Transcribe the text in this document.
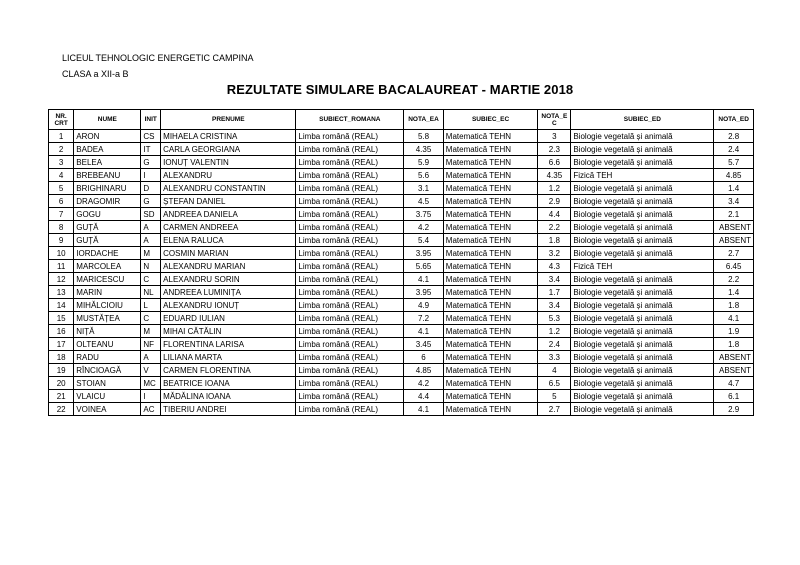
LICEUL TEHNOLOGIC ENERGETIC CAMPINA
CLASA a XII-a B
REZULTATE SIMULARE BACALAUREAT - MARTIE 2018
NR. CRT	NUME	INIT	PRENUME	SUBIECT_ROMANA	NOTA_EA	SUBIEC_EC	NOTA_E C	SUBIEC_ED	NOTA_ED
1	ARON	CS	MIHAELA CRISTINA	Limba română (REAL)	5.8	Matematică TEHN	3	Biologie vegetală și animală	2.8
2	BADEA	IT	CARLA GEORGIANA	Limba română (REAL)	4.35	Matematică TEHN	2.3	Biologie vegetală și animală	2.4
3	BELEA	G	IONUȚ VALENTIN	Limba română (REAL)	5.9	Matematică TEHN	6.6	Biologie vegetală și animală	5.7
4	BREBEANU	I	ALEXANDRU	Limba română (REAL)	5.6	Matematică TEHN	4.35	Fizică TEH	4.85
5	BRIGHINARU	D	ALEXANDRU CONSTANTIN	Limba română (REAL)	3.1	Matematică TEHN	1.2	Biologie vegetală și animală	1.4
6	DRAGOMIR	G	ȘTEFAN DANIEL	Limba română (REAL)	4.5	Matematică TEHN	2.9	Biologie vegetală și animală	3.4
7	GOGU	SD	ANDREEA DANIELA	Limba română (REAL)	3.75	Matematică TEHN	4.4	Biologie vegetală și animală	2.1
8	GUȚĂ	A	CARMEN ANDREEA	Limba română (REAL)	4.2	Matematică TEHN	2.2	Biologie vegetală și animală	ABSENT
9	GUȚĂ	A	ELENA RALUCA	Limba română (REAL)	5.4	Matematică TEHN	1.8	Biologie vegetală și animală	ABSENT
10	IORDACHE	M	COSMIN MARIAN	Limba română (REAL)	3.95	Matematică TEHN	3.2	Biologie vegetală și animală	2.7
11	MARCOLEA	N	ALEXANDRU MARIAN	Limba română (REAL)	5.65	Matematică TEHN	4.3	Fizică TEH	6.45
12	MARICESCU	C	ALEXANDRU SORIN	Limba română (REAL)	4.1	Matematică TEHN	3.4	Biologie vegetală și animală	2.2
13	MARIN	NL	ANDREEA LUMINIȚA	Limba română (REAL)	3.95	Matematică TEHN	1.7	Biologie vegetală și animală	1.4
14	MIHĂLCIOIU	L	ALEXANDRU IONUȚ	Limba română (REAL)	4.9	Matematică TEHN	3.4	Biologie vegetală și animală	1.8
15	MUSTĂȚEA	C	EDUARD IULIAN	Limba română (REAL)	7.2	Matematică TEHN	5.3	Biologie vegetală și animală	4.1
16	NIȚĂ	M	MIHAI CĂTĂLIN	Limba română (REAL)	4.1	Matematică TEHN	1.2	Biologie vegetală și animală	1.9
17	OLTEANU	NF	FLORENTINA LARISA	Limba română (REAL)	3.45	Matematică TEHN	2.4	Biologie vegetală și animală	1.8
18	RADU	A	LILIANA MARTA	Limba română (REAL)	6	Matematică TEHN	3.3	Biologie vegetală și animală	ABSENT
19	RÎNCIOAGĂ	V	CARMEN FLORENTINA	Limba română (REAL)	4.85	Matematică TEHN	4	Biologie vegetală și animală	ABSENT
20	STOIAN	MC	BEATRICE IOANA	Limba română (REAL)	4.2	Matematică TEHN	6.5	Biologie vegetală și animală	4.7
21	VLAICU	I	MĂDĂLINA IOANA	Limba română (REAL)	4.4	Matematică TEHN	5	Biologie vegetală și animală	6.1
22	VOINEA	AC	TIBERIU ANDREI	Limba română (REAL)	4.1	Matematică TEHN	2.7	Biologie vegetală și animală	2.9
